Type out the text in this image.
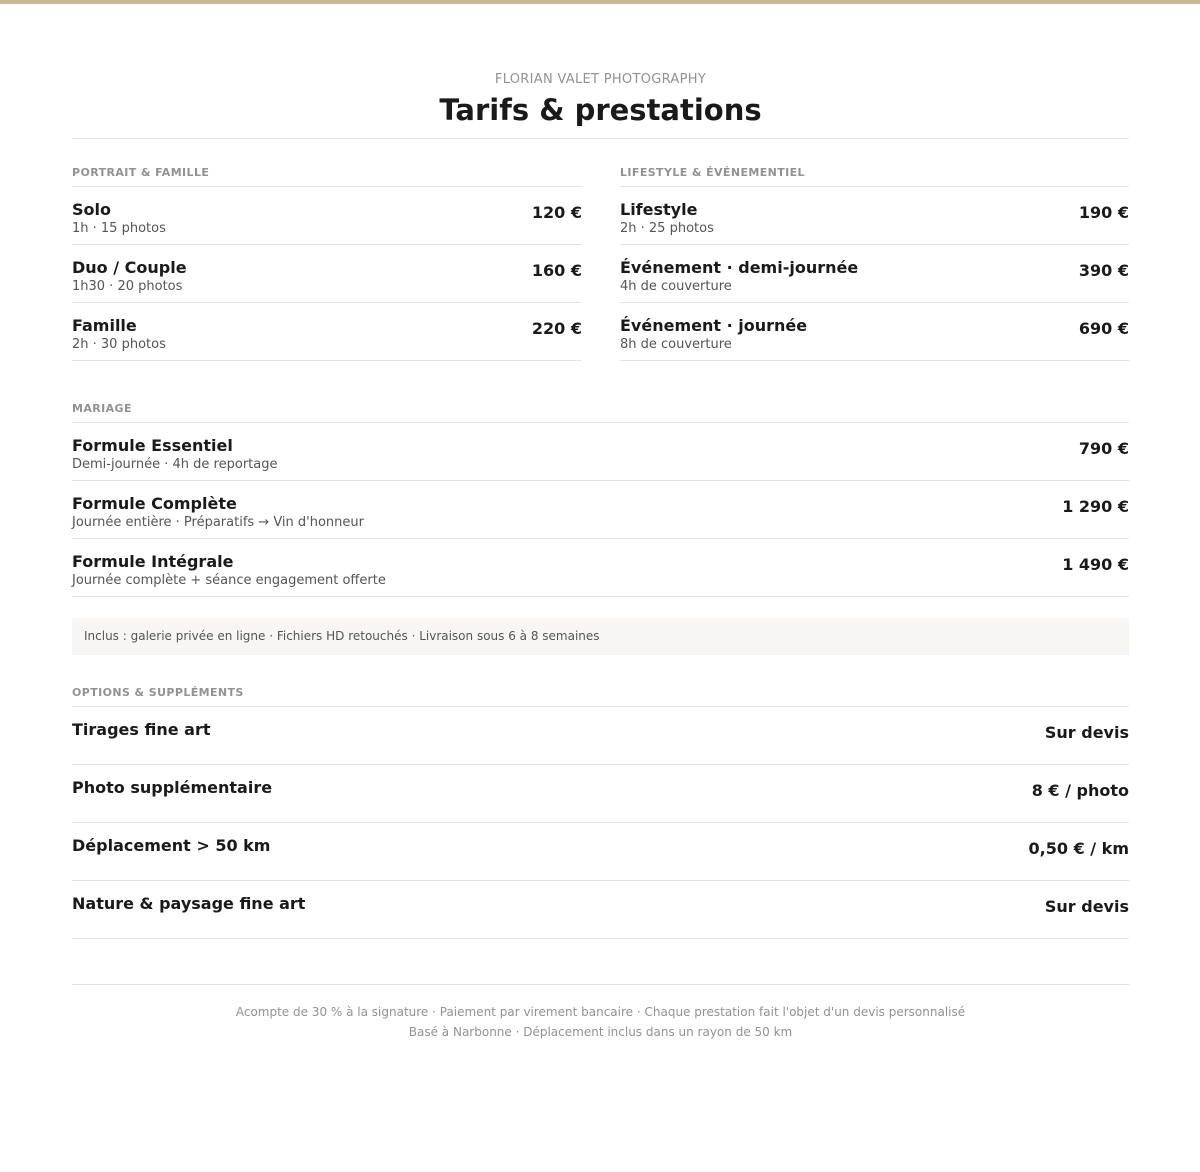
FLORIAN VALET PHOTOGRAPHY
Tarifs & prestations
PORTRAIT & FAMILLE
Solo
1h · 15 photos
120 €
Duo / Couple
1h30 · 20 photos
160 €
Famille
2h · 30 photos
220 €
LIFESTYLE & ÉVÉNEMENTIEL
Lifestyle
2h · 25 photos
190 €
Événement · demi-journée
4h de couverture
390 €
Événement · journée
8h de couverture
690 €
MARIAGE
Formule Essentiel
Demi-journée · 4h de reportage
790 €
Formule Complète
Journée entière · Préparatifs → Vin d'honneur
1 290 €
Formule Intégrale
Journée complète + séance engagement offerte
1 490 €
Inclus : galerie privée en ligne · Fichiers HD retouchés · Livraison sous 6 à 8 semaines
OPTIONS & SUPPLÉMENTS
Tirages fine art	Sur devis
Photo supplémentaire	8 € / photo
Déplacement > 50 km	0,50 € / km
Nature & paysage fine art	Sur devis
Acompte de 30 % à la signature · Paiement par virement bancaire · Chaque prestation fait l'objet d'un devis personnalisé
Basé à Narbonne · Déplacement inclus dans un rayon de 50 km
